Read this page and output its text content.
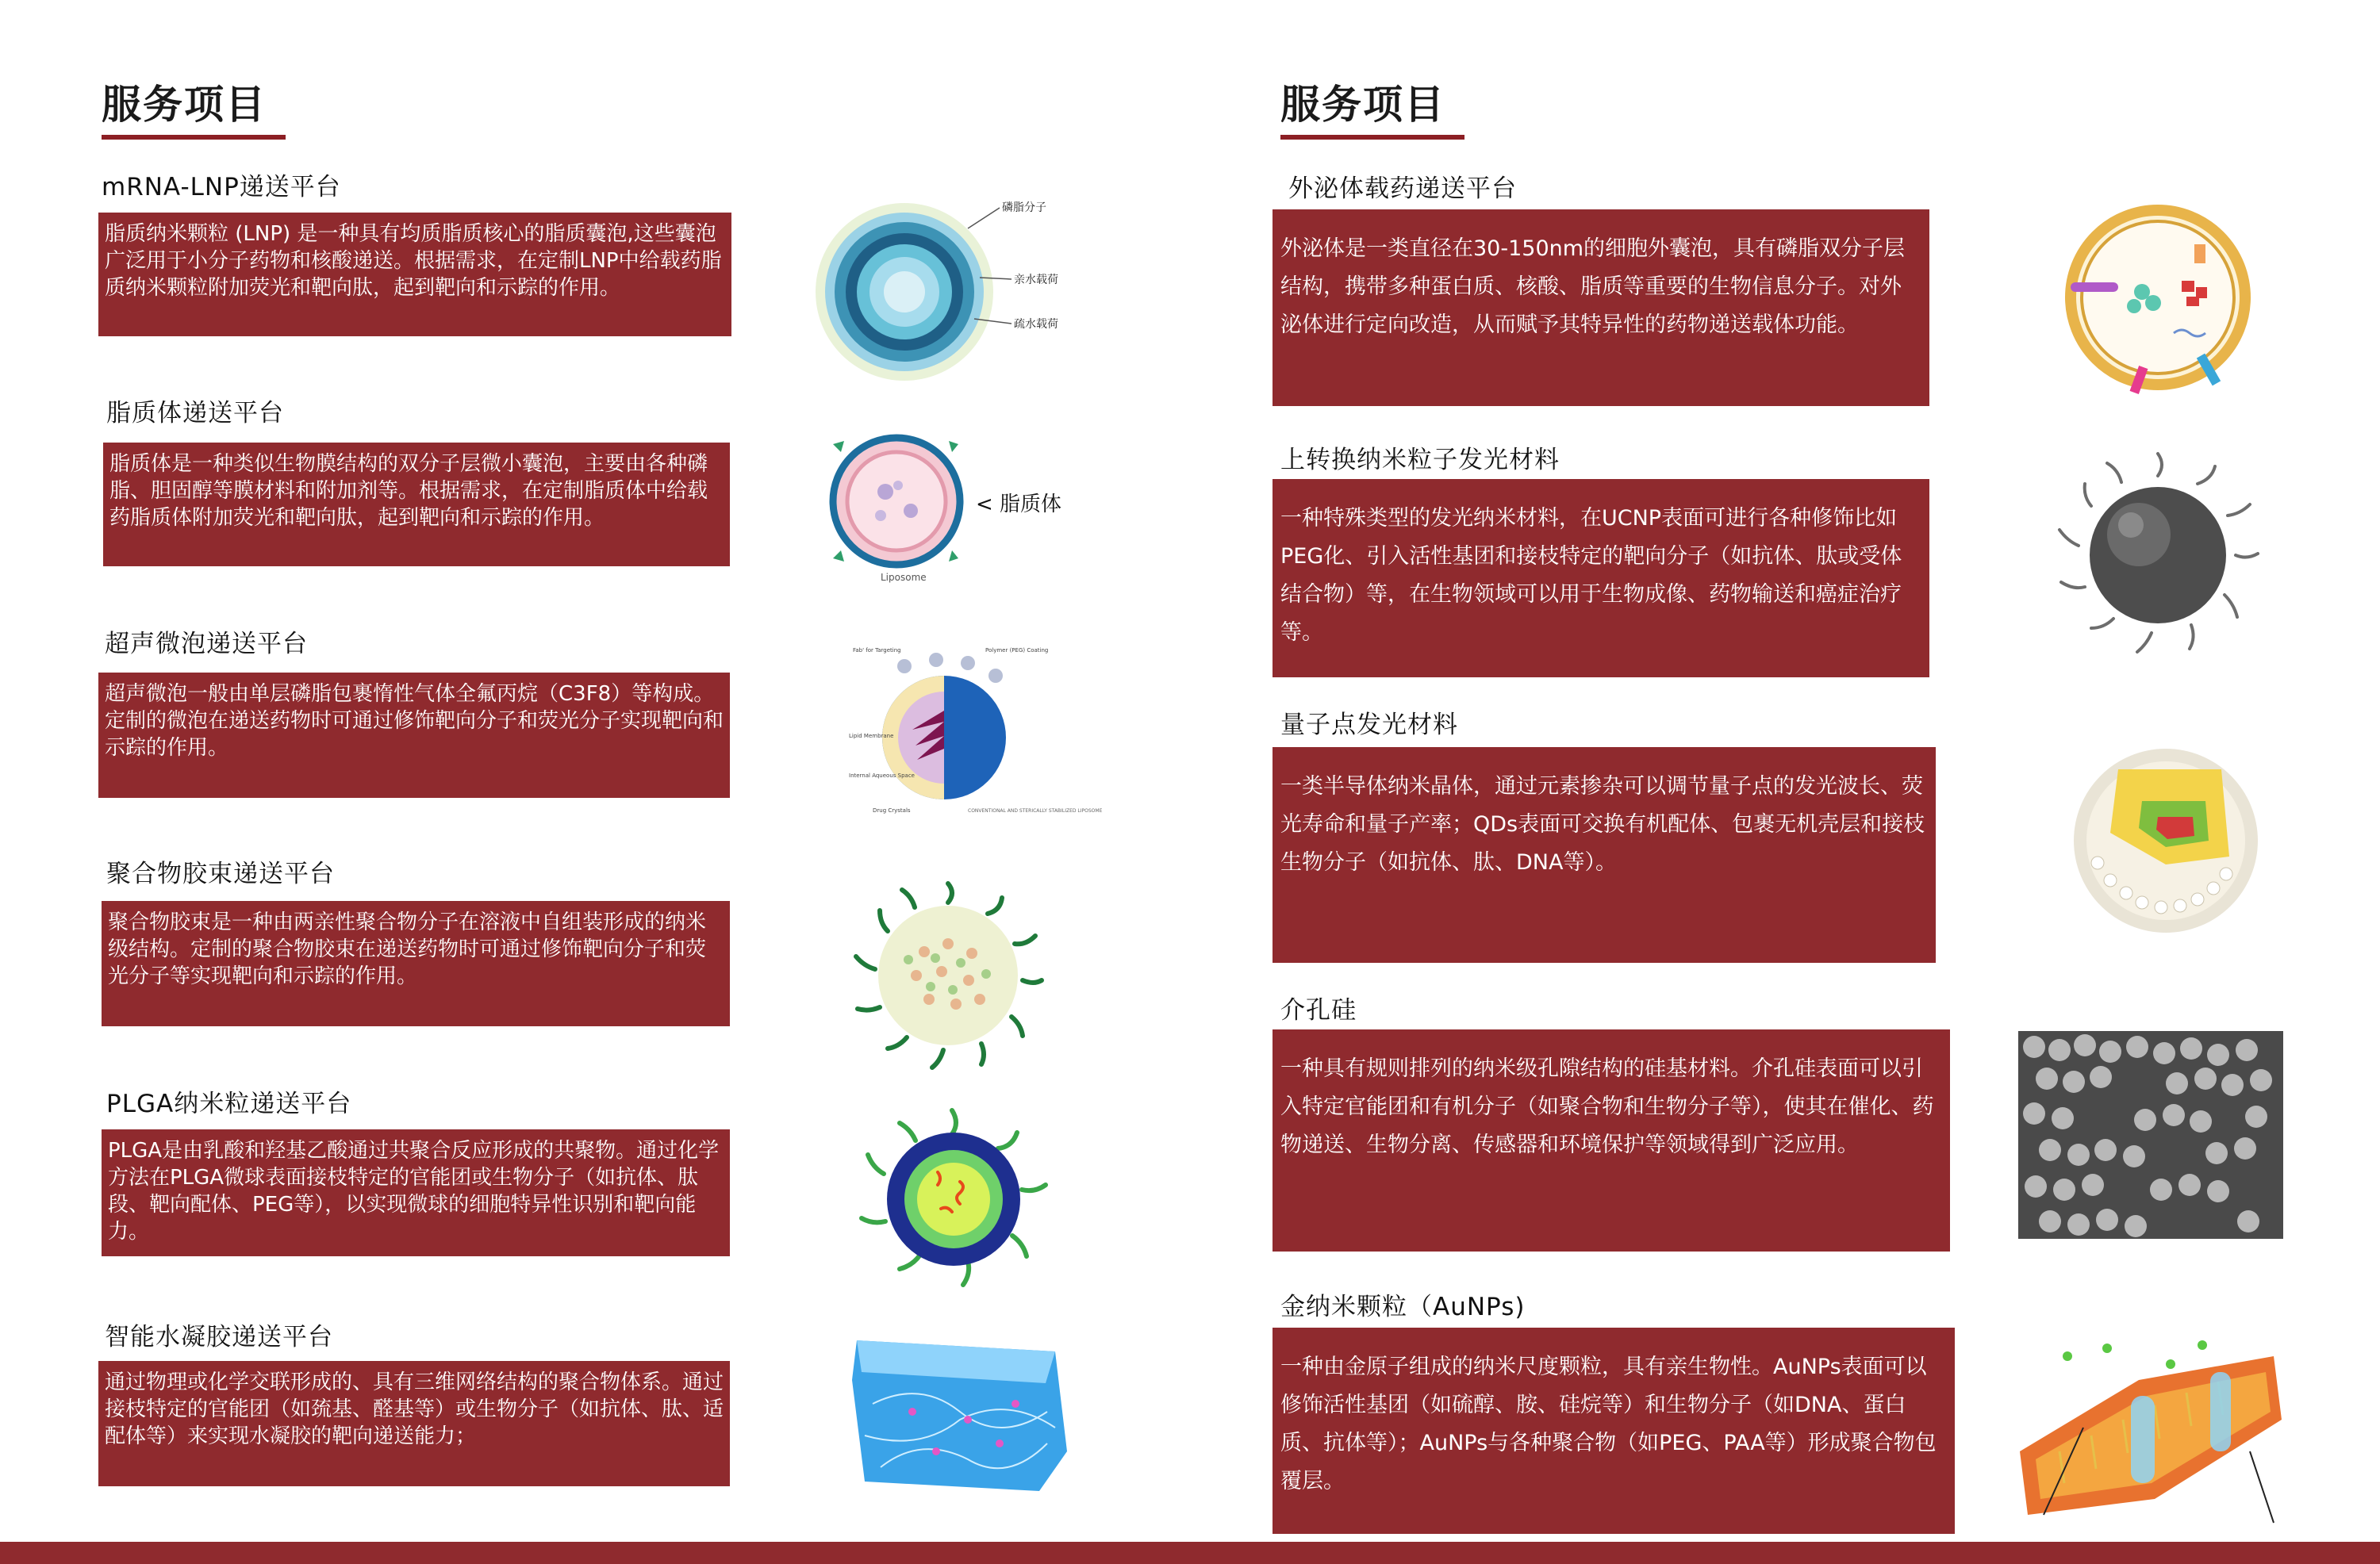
服务项目
mRNA-LNP递送平台
脂质纳米颗粒 (LNP) 是一种具有均质脂质核心的脂质囊泡,这些囊泡广泛用于小分子药物和核酸递送。根据需求，在定制LNP中给载药脂质纳米颗粒附加荧光和靶向肽，起到靶向和示踪的作用。
脂质体递送平台
脂质体是一种类似生物膜结构的双分子层微小囊泡，主要由各种磷脂、胆固醇等膜材料和附加剂等。根据需求，在定制脂质体中给载药脂质体附加荧光和靶向肽，起到靶向和示踪的作用。
超声微泡递送平台
超声微泡一般由单层磷脂包裹惰性气体全氟丙烷（C3F8）等构成。定制的微泡在递送药物时可通过修饰靶向分子和荧光分子实现靶向和示踪的作用。
聚合物胶束递送平台
聚合物胶束是一种由两亲性聚合物分子在溶液中自组装形成的纳米级结构。定制的聚合物胶束在递送药物时可通过修饰靶向分子和荧光分子等实现靶向和示踪的作用。
PLGA纳米粒递送平台
PLGA是由乳酸和羟基乙酸通过共聚合反应形成的共聚物。通过化学方法在PLGA微球表面接枝特定的官能团或生物分子（如抗体、肽段、靶向配体、PEG等），以实现微球的细胞特异性识别和靶向能力。
智能水凝胶递送平台
通过物理或化学交联形成的、具有三维网络结构的聚合物体系。通过接枝特定的官能团（如巯基、醛基等）或生物分子（如抗体、肽、适配体等）来实现水凝胶的靶向递送能力；
磷脂分子
亲水载荷
疏水载荷
< 脂质体
Liposome
Fab' for Targeting	Polymer (PEG) Coating
Lipid Membrane
Internal Aqueous Space
Drug Crystals	CONVENTIONAL AND STERICALLY STABILIZED LIPOSOME
服务项目
外泌体载药递送平台
外泌体是一类直径在30-150nm的细胞外囊泡，具有磷脂双分子层结构，携带多种蛋白质、核酸、脂质等重要的生物信息分子。对外泌体进行定向改造，从而赋予其特异性的药物递送载体功能。
上转换纳米粒子发光材料
一种特殊类型的发光纳米材料，在UCNP表面可进行各种修饰比如PEG化、引入活性基团和接枝特定的靶向分子（如抗体、肽或受体结合物）等，在生物领域可以用于生物成像、药物输送和癌症治疗等。
量子点发光材料
一类半导体纳米晶体，通过元素掺杂可以调节量子点的发光波长、荧光寿命和量子产率；QDs表面可交换有机配体、包裹无机壳层和接枝生物分子（如抗体、肽、DNA等）。
介孔硅
一种具有规则排列的纳米级孔隙结构的硅基材料。介孔硅表面可以引入特定官能团和有机分子（如聚合物和生物分子等），使其在催化、药物递送、生物分离、传感器和环境保护等领域得到广泛应用。
金纳米颗粒（AuNPs)
一种由金原子组成的纳米尺度颗粒，具有亲生物性。AuNPs表面可以修饰活性基团（如硫醇、胺、硅烷等）和生物分子（如DNA、蛋白质、抗体等）；AuNPs与各种聚合物（如PEG、PAA等）形成聚合物包覆层。
